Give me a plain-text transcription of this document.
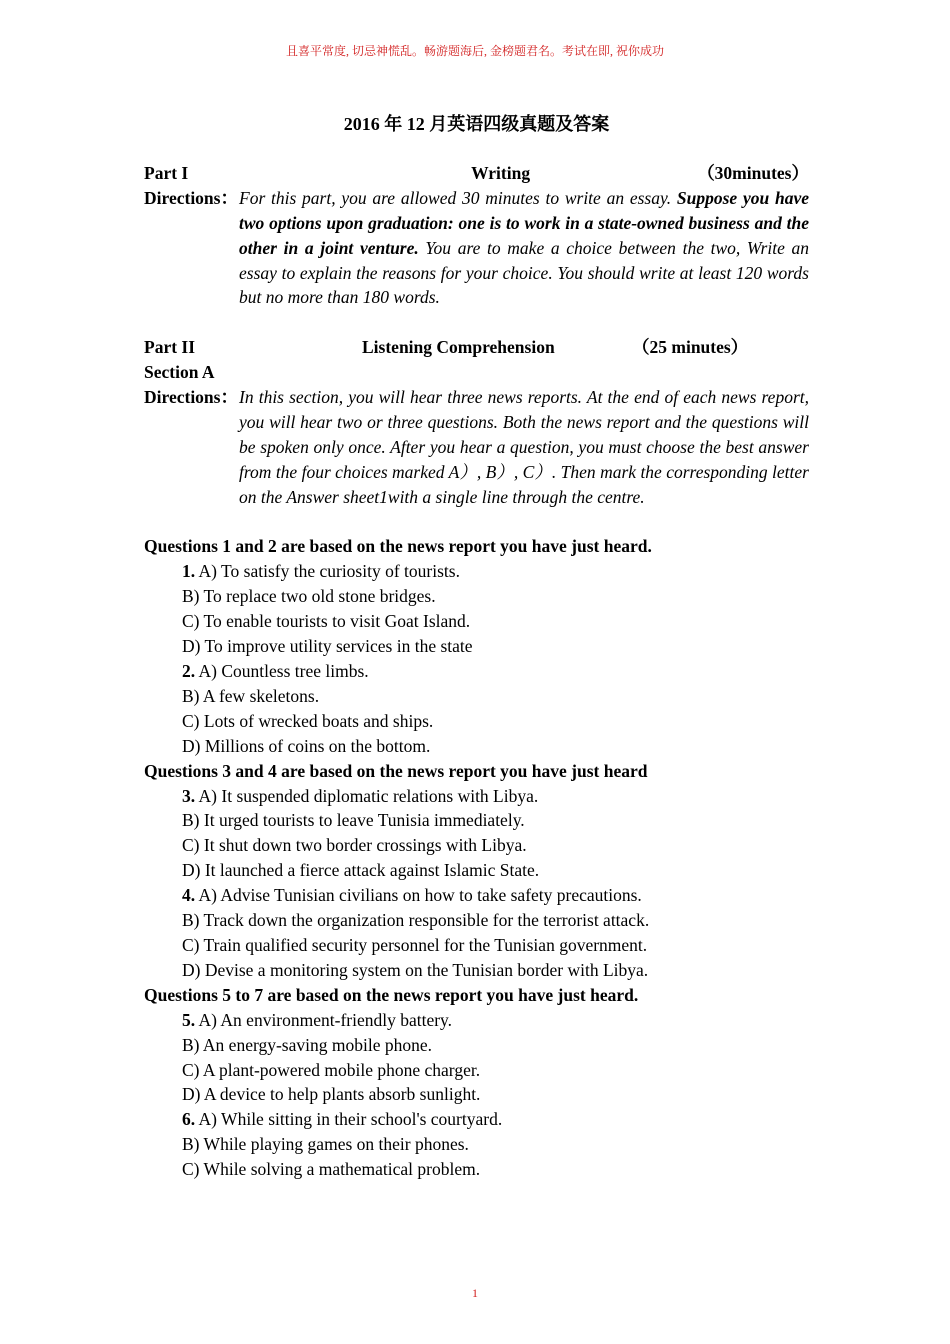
且喜平常度, 切忌神慌乱。畅游题海后, 金榜题君名。考试在即, 祝你成功
2016 年 12 月英语四级真题及答案
Part I	Writing	（30minutes）
Directions： For this part, you are allowed 30 minutes to write an essay. Suppose you have two options upon graduation: one is to work in a state-owned business and the other in a joint venture. You are to make a choice between the two, Write an essay to explain the reasons for your choice. You should write at least 120 words but no more than 180 words.
Part II	Listening Comprehension	（25 minutes）
Section A
Directions： In this section, you will hear three news reports. At the end of each news report, you will hear two or three questions. Both the news report and the questions will be spoken only once. After you hear a question, you must choose the best answer from the four choices marked A）, B）, C）. Then mark the corresponding letter on the Answer sheet1with a single line through the centre.
Questions 1 and 2 are based on the news report you have just heard.
1. A) To satisfy the curiosity of tourists.
B) To replace two old stone bridges.
C) To enable tourists to visit Goat Island.
D) To improve utility services in the state
2. A) Countless tree limbs.
B) A few skeletons.
C) Lots of wrecked boats and ships.
D) Millions of coins on the bottom.
Questions 3 and 4 are based on the news report you have just heard
3. A) It suspended diplomatic relations with Libya.
B) It urged tourists to leave Tunisia immediately.
C) It shut down two border crossings with Libya.
D) It launched a fierce attack against Islamic State.
4. A) Advise Tunisian civilians on how to take safety precautions.
B) Track down the organization responsible for the terrorist attack.
C) Train qualified security personnel for the Tunisian government.
D) Devise a monitoring system on the Tunisian border with Libya.
Questions 5 to 7 are based on the news report you have just heard.
5. A) An environment-friendly battery.
B) An energy-saving mobile phone.
C) A plant-powered mobile phone charger.
D) A device to help plants absorb sunlight.
6. A) While sitting in their school's courtyard.
B) While playing games on their phones.
C) While solving a mathematical problem.
1
